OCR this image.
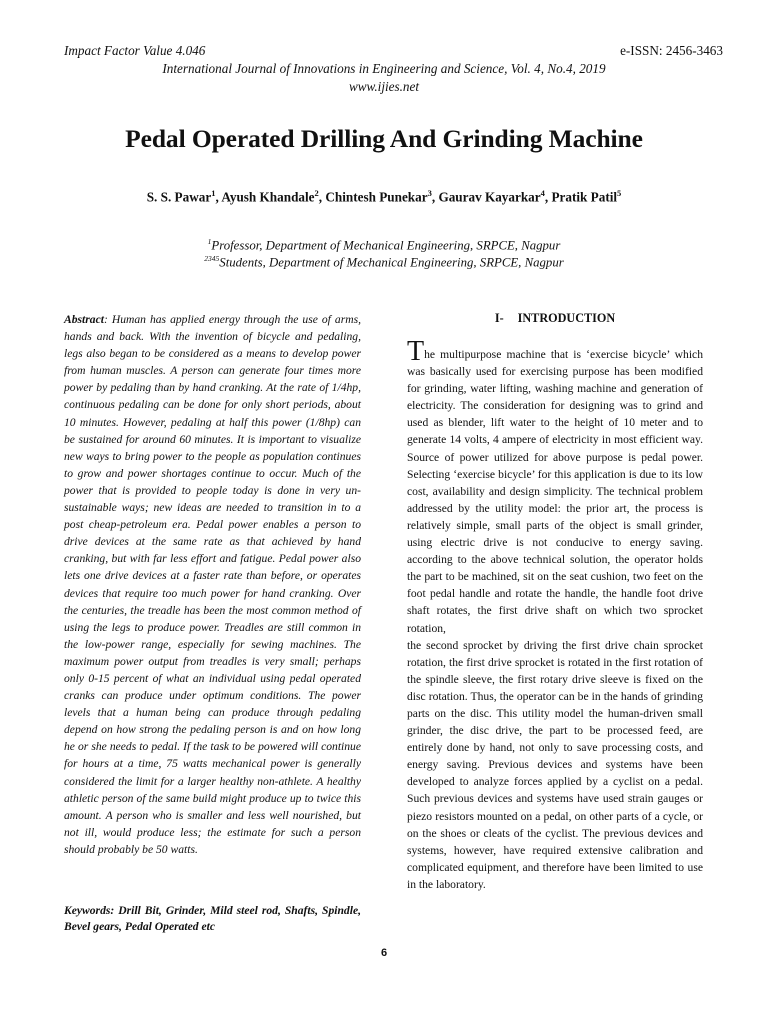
Impact Factor Value 4.046	e-ISSN: 2456-3463
International Journal of Innovations in Engineering and Science, Vol. 4, No.4, 2019
www.ijies.net
Pedal Operated Drilling And Grinding Machine
S. S. Pawar$^1$, Ayush Khandale$^2$, Chintesh Punekar$^3$, Gaurav Kayarkar$^4$, Pratik Patil$^5$
$^1$Professor, Department of Mechanical Engineering, SRPCE, Nagpur
$^{2345}$Students, Department of Mechanical Engineering, SRPCE, Nagpur
Abstract: Human has applied energy through the use of arms, hands and back. With the invention of bicycle and pedaling, legs also began to be considered as a means to develop power from human muscles. A person can generate four times more power by pedaling than by hand cranking. At the rate of 1/4hp, continuous pedaling can be done for only short periods, about 10 minutes. However, pedaling at half this power (1/8hp) can be sustained for around 60 minutes. It is important to visualize new ways to bring power to the people as population continues to grow and power shortages continue to occur. Much of the power that is provided to people today is done in very un-sustainable ways; new ideas are needed to transition in to a post cheap-petroleum era. Pedal power enables a person to drive devices at the same rate as that achieved by hand cranking, but with far less effort and fatigue. Pedal power also lets one drive devices at a faster rate than before, or operates devices that require too much power for hand cranking. Over the centuries, the treadle has been the most common method of using the legs to produce power. Treadles are still common in the low-power range, especially for sewing machines. The maximum power output from treadles is very small; perhaps only 0-15 percent of what an individual using pedal operated cranks can produce under optimum conditions. The power levels that a human being can produce through pedaling depend on how strong the pedaling person is and on how long he or she needs to pedal. If the task to be powered will continue for hours at a time, 75 watts mechanical power is generally considered the limit for a larger healthy non-athlete. A healthy athletic person of the same build might produce up to twice this amount. A person who is smaller and less well nourished, but not ill, would produce less; the estimate for such a person should probably be 50 watts.
Keywords: Drill Bit, Grinder, Mild steel rod, Shafts, Spindle, Bevel gears, Pedal Operated etc
I- INTRODUCTION

The multipurpose machine that is ‘exercise bicycle’ which was basically used for exercising purpose has been modified for grinding, water lifting, washing machine and generation of electricity. The consideration for designing was to grind and used as blender, lift water to the height of 10 meter and to generate 14 volts, 4 ampere of electricity in most efficient way. Source of power utilized for above purpose is pedal power. Selecting ‘exercise bicycle’ for this application is due to its low cost, availability and design simplicity. The technical problem addressed by the utility model: the prior art, the process is relatively simple, small parts of the object is small grinder, using electric drive is not conducive to energy saving. according to the above technical solution, the operator holds the part to be machined, sit on the seat cushion, two feet on the foot pedal handle and rotate the handle, the handle foot drive shaft rotates, the first drive shaft on which two sprocket rotation,

the second sprocket by driving the first drive chain sprocket rotation, the first drive sprocket is rotated in the first rotation of the spindle sleeve, the first rotary drive sleeve is fixed on the disc rotation. Thus, the operator can be in the hands of grinding parts on the disc. This utility model the human-driven small grinder, the disc drive, the part to be processed feed, are entirely done by hand, not only to save processing costs, and energy saving. Previous devices and systems have been developed to analyze forces applied by a cyclist on a pedal. Such previous devices and systems have used strain gauges or piezo resistors mounted on a pedal, on other parts of a cycle, or on the shoes or cleats of the cyclist. The previous devices and systems, however, have required extensive calibration and complicated equipment, and therefore have been limited to use in the laboratory.

6
